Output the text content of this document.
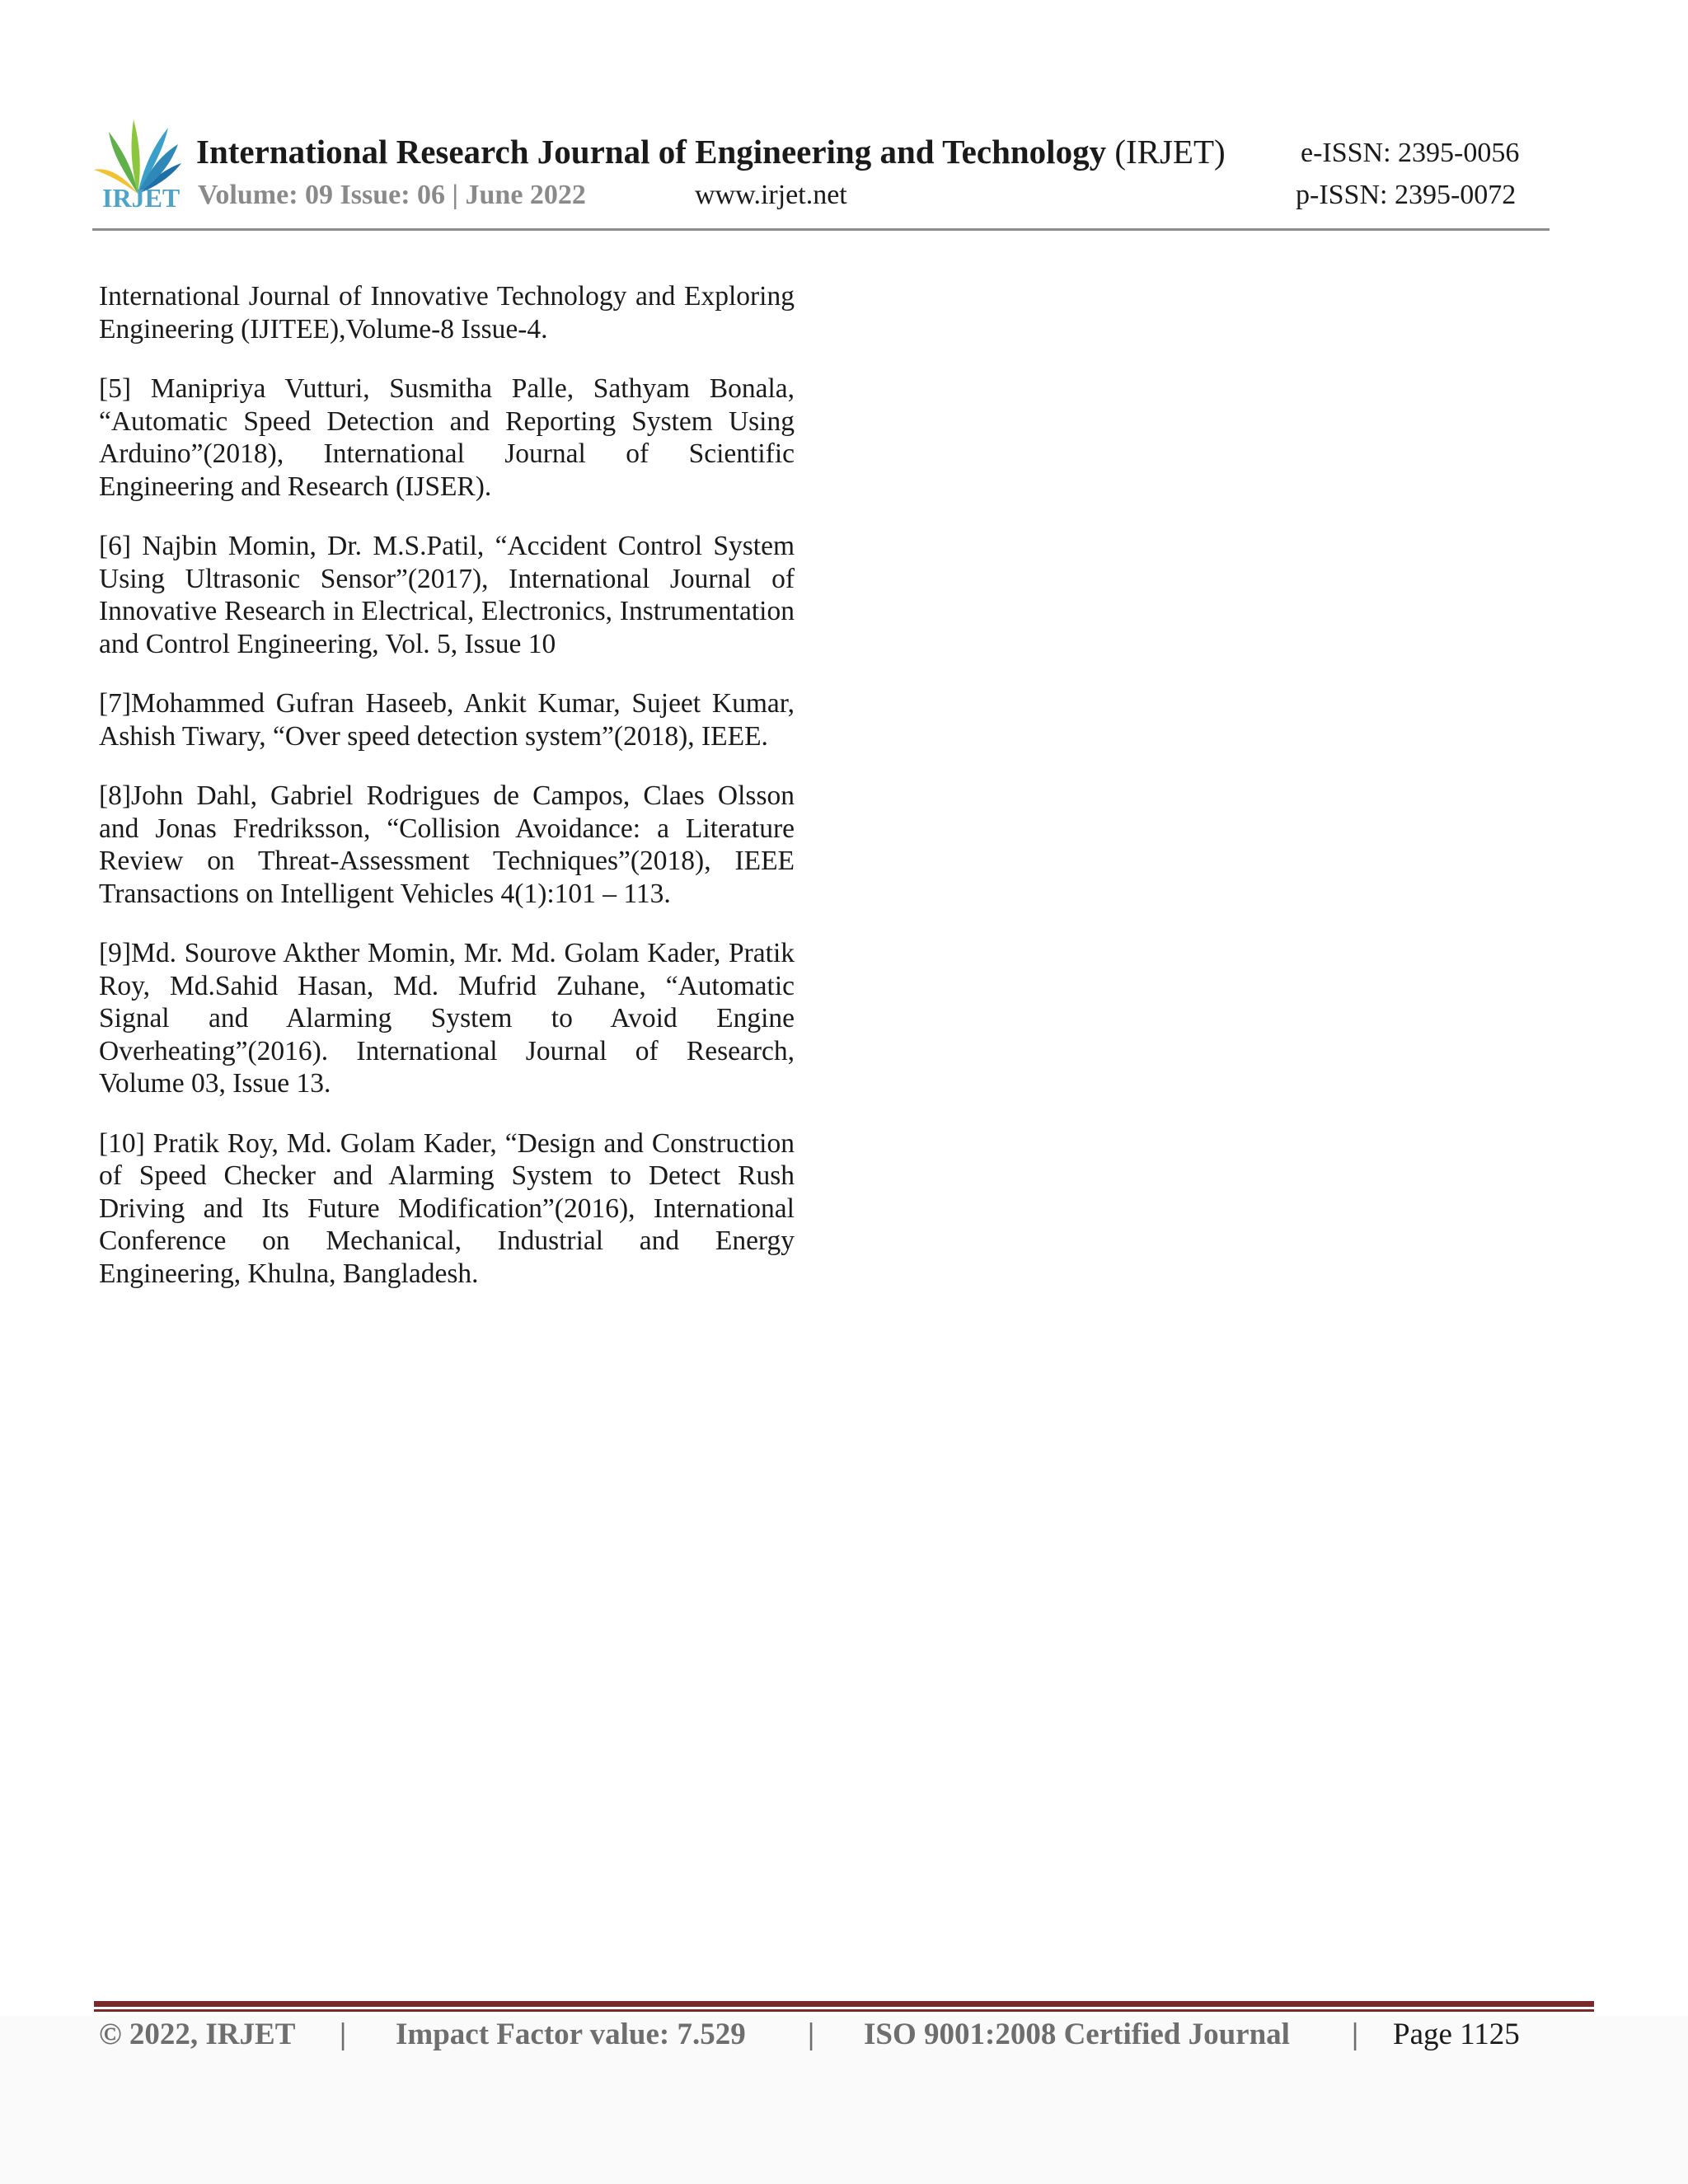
IRJET
International Research Journal of Engineering and Technology (IRJET)	e-ISSN: 2395-0056
Volume: 09 Issue: 06 | June 2022	www.irjet.net	p-ISSN: 2395-0072

International Journal of Innovative Technology and Exploring Engineering (IJITEE),Volume-8 Issue-4.

[5] Manipriya Vutturi, Susmitha Palle, Sathyam Bonala, “Automatic Speed Detection and Reporting System Using Arduino”(2018), International Journal of Scientific Engineering and Research (IJSER).

[6] Najbin Momin, Dr. M.S.Patil, “Accident Control System Using Ultrasonic Sensor”(2017), International Journal of Innovative Research in Electrical, Electronics, Instrumentation and Control Engineering, Vol. 5, Issue 10

[7]Mohammed Gufran Haseeb, Ankit Kumar, Sujeet Kumar, Ashish Tiwary, “Over speed detection system”(2018), IEEE.

[8]John Dahl, Gabriel Rodrigues de Campos, Claes Olsson and Jonas Fredriksson, “Collision Avoidance: a Literature Review on Threat-Assessment Techniques”(2018), IEEE Transactions on Intelligent Vehicles 4(1):101 – 113.

[9]Md. Sourove Akther Momin, Mr. Md. Golam Kader, Pratik Roy, Md.Sahid Hasan, Md. Mufrid Zuhane, “Automatic Signal and Alarming System to Avoid Engine Overheating”(2016). International Journal of Research, Volume 03, Issue 13.

[10] Pratik Roy, Md. Golam Kader, “Design and Construction of Speed Checker and Alarming System to Detect Rush Driving and Its Future Modification”(2016), International Conference on Mechanical, Industrial and Energy Engineering, Khulna, Bangladesh.

© 2022, IRJET | Impact Factor value: 7.529 | ISO 9001:2008 Certified Journal | Page 1125
